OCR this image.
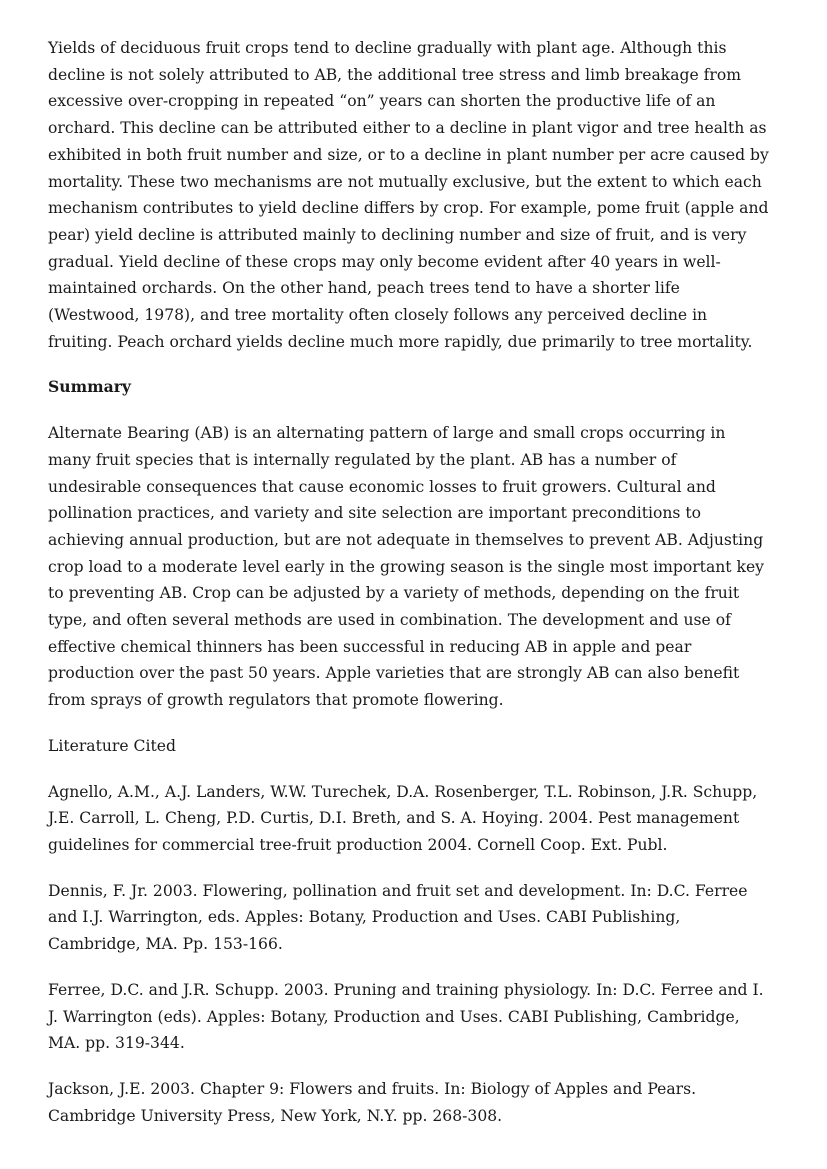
Yields of deciduous fruit crops tend to decline gradually with plant age. Although this decline is not solely attributed to AB, the additional tree stress and limb breakage from excessive over-cropping in repeated “on” years can shorten the productive life of an orchard. This decline can be attributed either to a decline in plant vigor and tree health as exhibited in both fruit number and size, or to a decline in plant number per acre caused by mortality. These two mechanisms are not mutually exclusive, but the extent to which each mechanism contributes to yield decline differs by crop. For example, pome fruit (apple and pear) yield decline is attributed mainly to declining number and size of fruit, and is very gradual. Yield decline of these crops may only become evident after 40 years in well-maintained orchards. On the other hand, peach trees tend to have a shorter life (Westwood, 1978), and tree mortality often closely follows any perceived decline in fruiting. Peach orchard yields decline much more rapidly, due primarily to tree mortality.

Summary

Alternate Bearing (AB) is an alternating pattern of large and small crops occurring in many fruit species that is internally regulated by the plant. AB has a number of undesirable consequences that cause economic losses to fruit growers. Cultural and pollination practices, and variety and site selection are important preconditions to achieving annual production, but are not adequate in themselves to prevent AB. Adjusting crop load to a moderate level early in the growing season is the single most important key to preventing AB. Crop can be adjusted by a variety of methods, depending on the fruit type, and often several methods are used in combination. The development and use of effective chemical thinners has been successful in reducing AB in apple and pear production over the past 50 years. Apple varieties that are strongly AB can also benefit from sprays of growth regulators that promote flowering.

Literature Cited

Agnello, A.M., A.J. Landers, W.W. Turechek, D.A. Rosenberger, T.L. Robinson, J.R. Schupp, J.E. Carroll, L. Cheng, P.D. Curtis, D.I. Breth, and S. A. Hoying. 2004. Pest management guidelines for commercial tree-fruit production 2004. Cornell Coop. Ext. Publ.

Dennis, F. Jr. 2003. Flowering, pollination and fruit set and development. In: D.C. Ferree and I.J. Warrington, eds. Apples: Botany, Production and Uses. CABI Publishing, Cambridge, MA. Pp. 153-166.

Ferree, D.C. and J.R. Schupp. 2003. Pruning and training physiology. In: D.C. Ferree and I. J. Warrington (eds). Apples: Botany, Production and Uses. CABI Publishing, Cambridge, MA. pp. 319-344.

Jackson, J.E. 2003. Chapter 9: Flowers and fruits. In: Biology of Apples and Pears. Cambridge University Press, New York, N.Y. pp. 268-308.
